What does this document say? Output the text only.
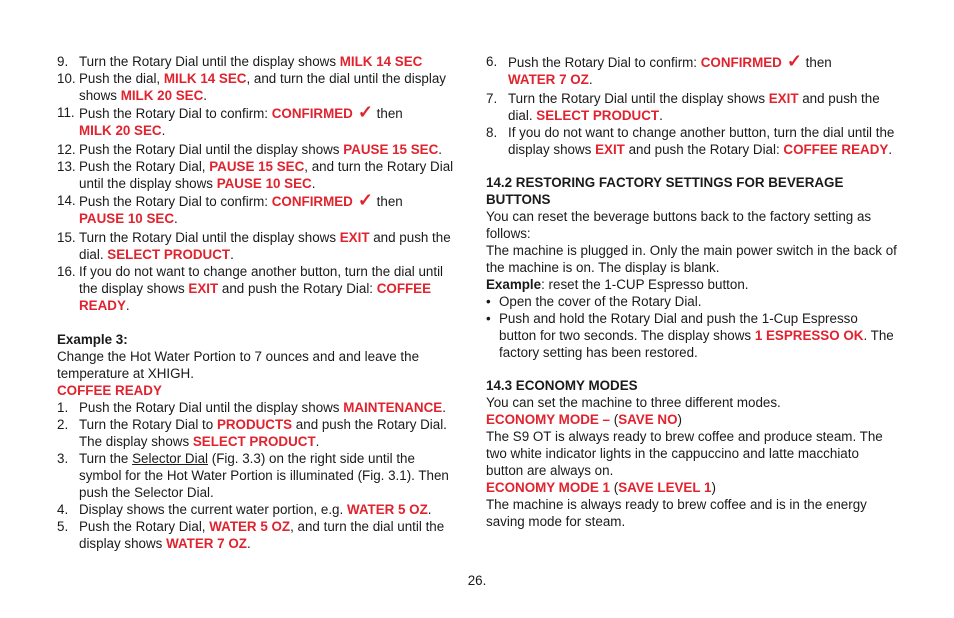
9. Turn the Rotary Dial until the display shows MILK 14 SEC
10. Push the dial, MILK 14 SEC, and turn the dial until the display shows MILK 20 SEC.
11. Push the Rotary Dial to confirm: CONFIRMED ✓ then
MILK 20 SEC.
12. Push the Rotary Dial until the display shows PAUSE 15 SEC.
13. Push the Rotary Dial, PAUSE 15 SEC, and turn the Rotary Dial until the display shows PAUSE 10 SEC.
14. Push the Rotary Dial to confirm: CONFIRMED ✓ then
PAUSE 10 SEC.
15. Turn the Rotary Dial until the display shows EXIT and push the dial. SELECT PRODUCT.
16. If you do not want to change another button, turn the dial until the display shows EXIT and push the Rotary Dial: COFFEE READY.
Example 3:
Change the Hot Water Portion to 7 ounces and and leave the temperature at XHIGH.
COFFEE READY
1. Push the Rotary Dial until the display shows MAINTENANCE.
2. Turn the Rotary Dial to PRODUCTS and push the Rotary Dial. The display shows SELECT PRODUCT.
3. Turn the Selector Dial (Fig. 3.3) on the right side until the symbol for the Hot Water Portion is illuminated (Fig. 3.1). Then push the Selector Dial.
4. Display shows the current water portion, e.g. WATER 5 OZ.
5. Push the Rotary Dial, WATER 5 OZ, and turn the dial until the display shows WATER 7 OZ.
6. Push the Rotary Dial to confirm: CONFIRMED ✓ then
WATER 7 OZ.
7. Turn the Rotary Dial until the display shows EXIT and push the dial. SELECT PRODUCT.
8. If you do not want to change another button, turn the dial until the display shows EXIT and push the Rotary Dial: COFFEE READY.
14.2 RESTORING FACTORY SETTINGS FOR BEVERAGE BUTTONS
You can reset the beverage buttons back to the factory setting as follows:
The machine is plugged in. Only the main power switch in the back of the machine is on. The display is blank.
Example: reset the 1-CUP Espresso button.
• Open the cover of the Rotary Dial.
• Push and hold the Rotary Dial and push the 1-Cup Espresso button for two seconds. The display shows 1 ESPRESSO OK. The factory setting has been restored.
14.3 ECONOMY MODES
You can set the machine to three different modes.
ECONOMY MODE – (SAVE NO)
The S9 OT is always ready to brew coffee and produce steam. The two white indicator lights in the cappuccino and latte macchiato button are always on.
ECONOMY MODE 1 (SAVE LEVEL 1)
The machine is always ready to brew coffee and is in the energy saving mode for steam.
26.
